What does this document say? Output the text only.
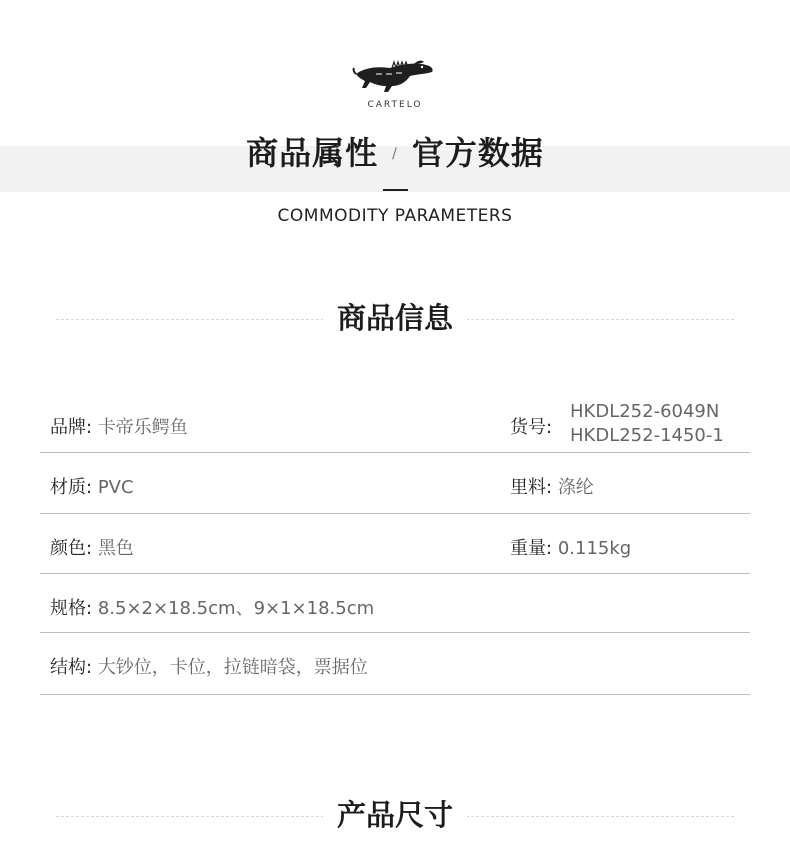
CARTELO
商品属性 / 官方数据
COMMODITY PARAMETERS
商品信息
品牌: 卡帝乐鳄鱼	货号:
HKDL252-6049N
HKDL252-1450-1
材质: PVC	里料: 涤纶
颜色: 黑色	重量: 0.115kg
规格: 8.5×2×18.5cm、9×1×18.5cm
结构: 大钞位，卡位，拉链暗袋，票据位
产品尺寸
